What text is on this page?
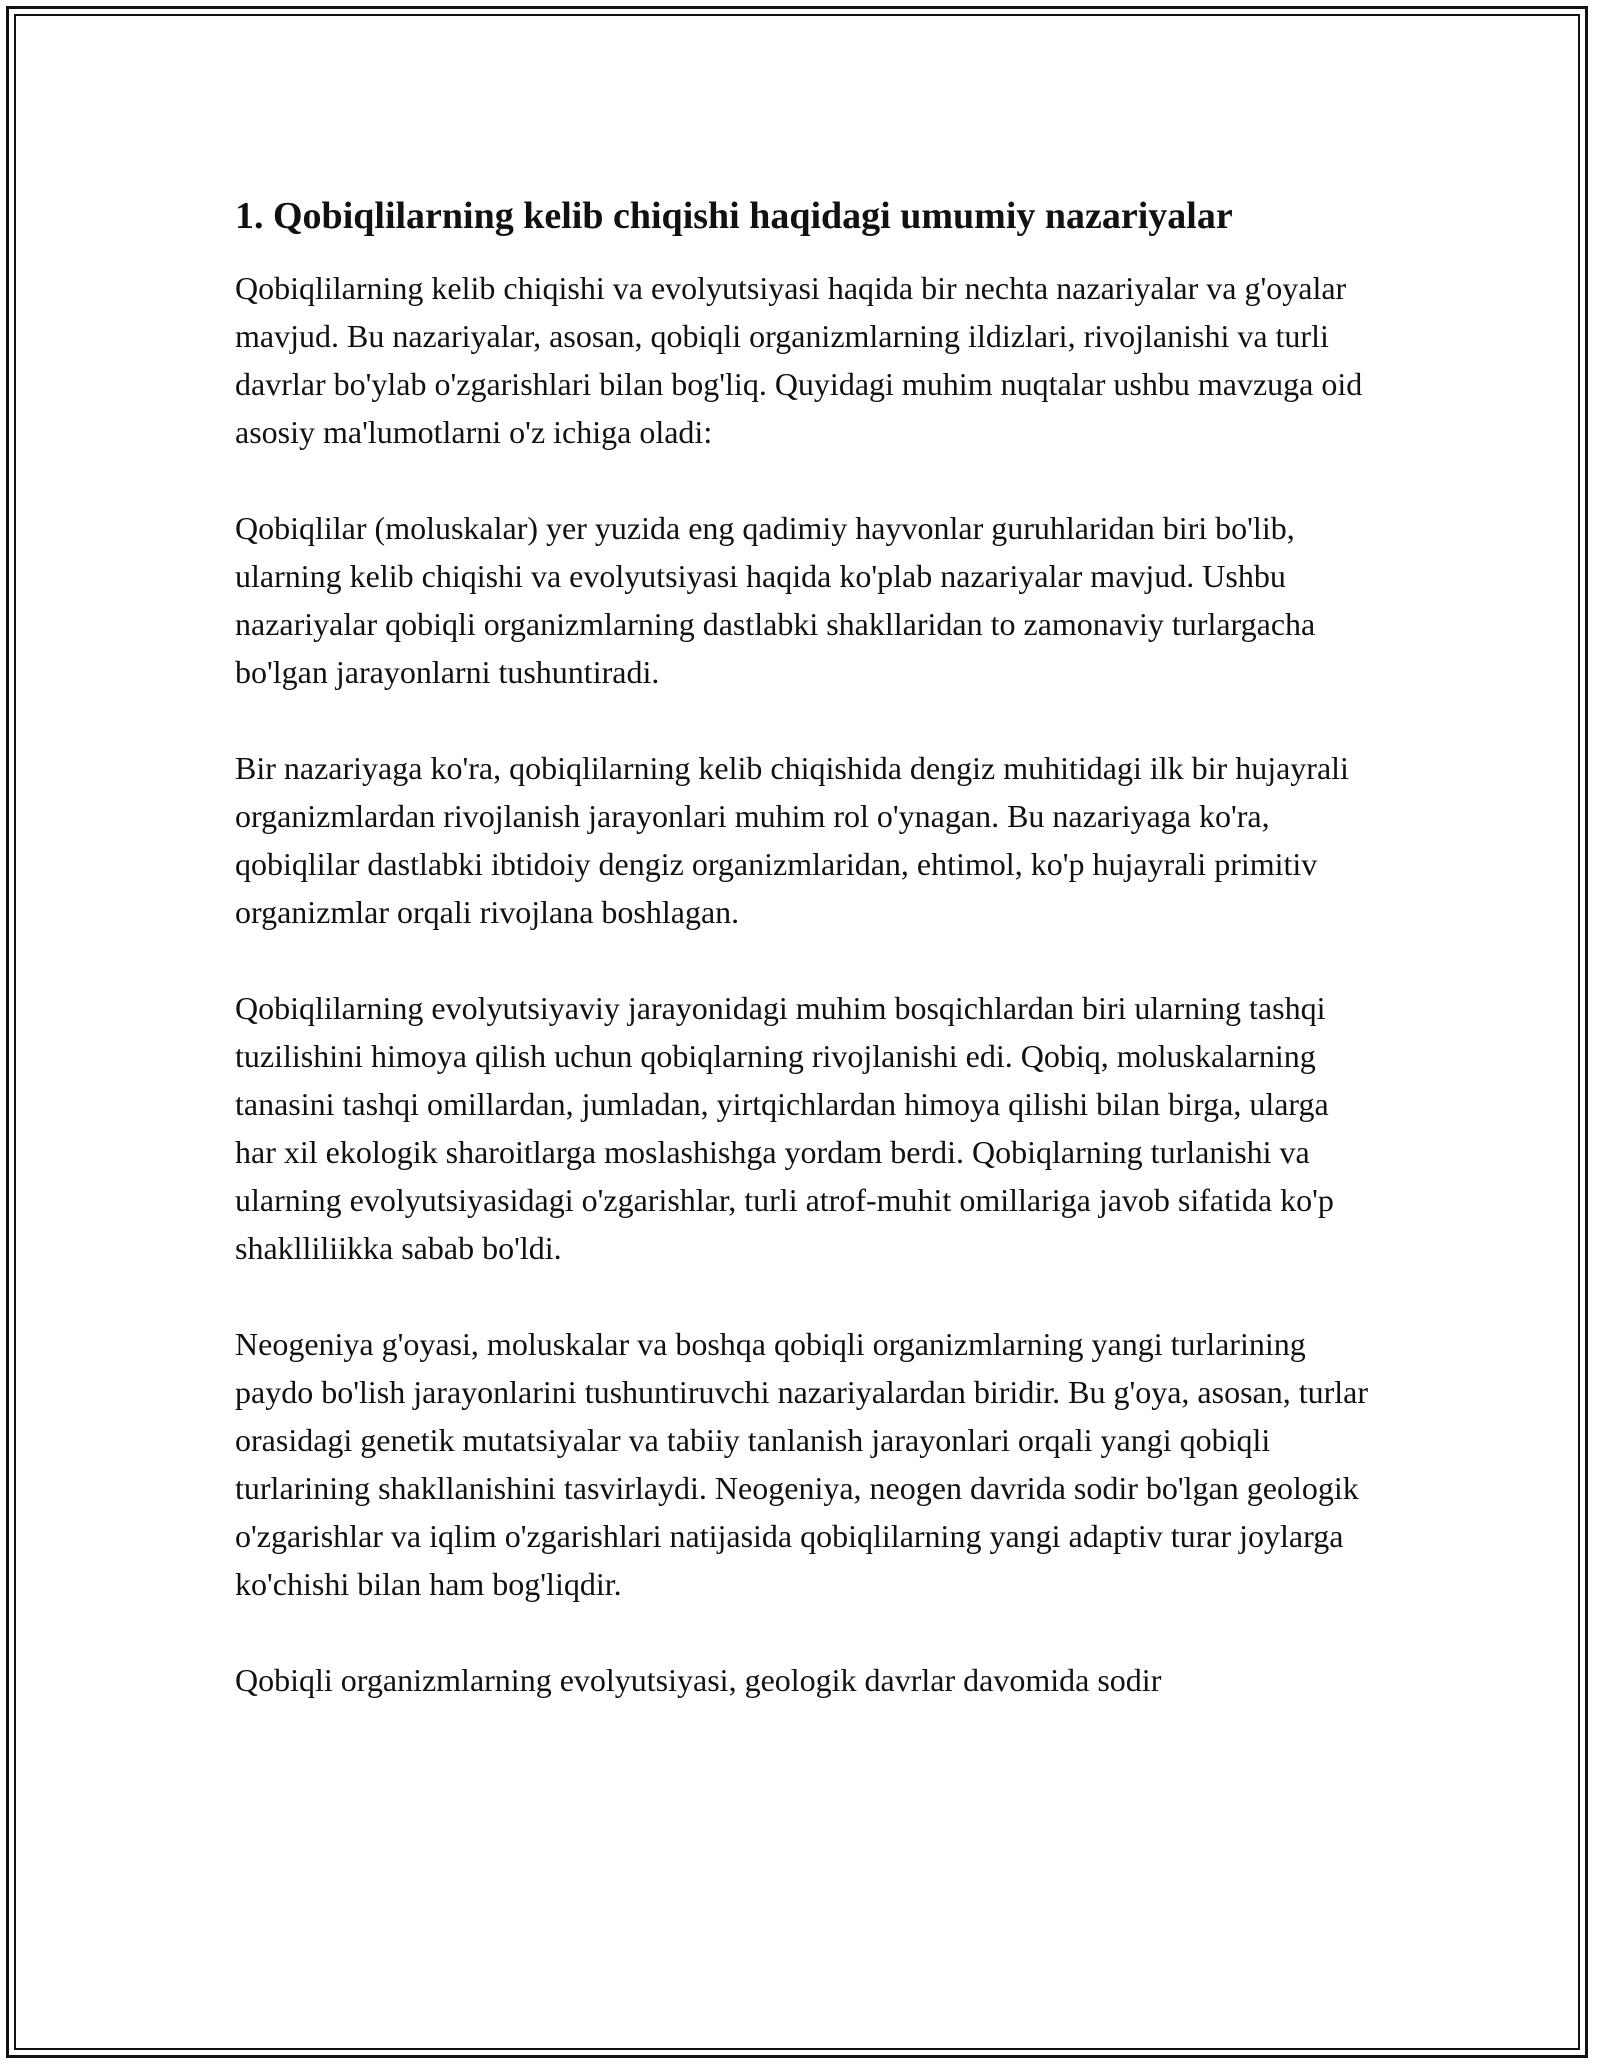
1. Qobiqlilarning kelib chiqishi haqidagi umumiy nazariyalar

Qobiqlilarning kelib chiqishi va evolyutsiyasi haqida bir nechta nazariyalar va g'oyalar mavjud. Bu nazariyalar, asosan, qobiqli organizmlarning ildizlari, rivojlanishi va turli davrlar bo'ylab o'zgarishlari bilan bog'liq. Quyidagi muhim nuqtalar ushbu mavzuga oid asosiy ma'lumotlarni o'z ichiga oladi:

Qobiqlilar (moluskalar) yer yuzida eng qadimiy hayvonlar guruhlaridan biri bo'lib, ularning kelib chiqishi va evolyutsiyasi haqida ko'plab nazariyalar mavjud. Ushbu nazariyalar qobiqli organizmlarning dastlabki shakllaridan to zamonaviy turlargacha bo'lgan jarayonlarni tushuntiradi.

Bir nazariyaga ko'ra, qobiqlilarning kelib chiqishida dengiz muhitidagi ilk bir hujayrali organizmlardan rivojlanish jarayonlari muhim rol o'ynagan. Bu nazariyaga ko'ra, qobiqlilar dastlabki ibtidoiy dengiz organizmlaridan, ehtimol, ko'p hujayrali primitiv organizmlar orqali rivojlana boshlagan.

Qobiqlilarning evolyutsiyaviy jarayonidagi muhim bosqichlardan biri ularning tashqi tuzilishini himoya qilish uchun qobiqlarning rivojlanishi edi. Qobiq, moluskalarning tanasini tashqi omillardan, jumladan, yirtqichlardan himoya qilishi bilan birga, ularga har xil ekologik sharoitlarga moslashishga yordam berdi. Qobiqlarning turlanishi va ularning evolyutsiyasidagi o'zgarishlar, turli atrof-muhit omillariga javob sifatida ko'p shaklliliikka sabab bo'ldi.

Neogeniya g'oyasi, moluskalar va boshqa qobiqli organizmlarning yangi turlarining paydo bo'lish jarayonlarini tushuntiruvchi nazariyalardan biridir. Bu g'oya, asosan, turlar orasidagi genetik mutatsiyalar va tabiiy tanlanish jarayonlari orqali yangi qobiqli turlarining shakllanishini tasvirlaydi. Neogeniya, neogen davrida sodir bo'lgan geologik o'zgarishlar va iqlim o'zgarishlari natijasida qobiqlilarning yangi adaptiv turar joylarga ko'chishi bilan ham bog'liqdir.

Qobiqli organizmlarning evolyutsiyasi, geologik davrlar davomida sodir
